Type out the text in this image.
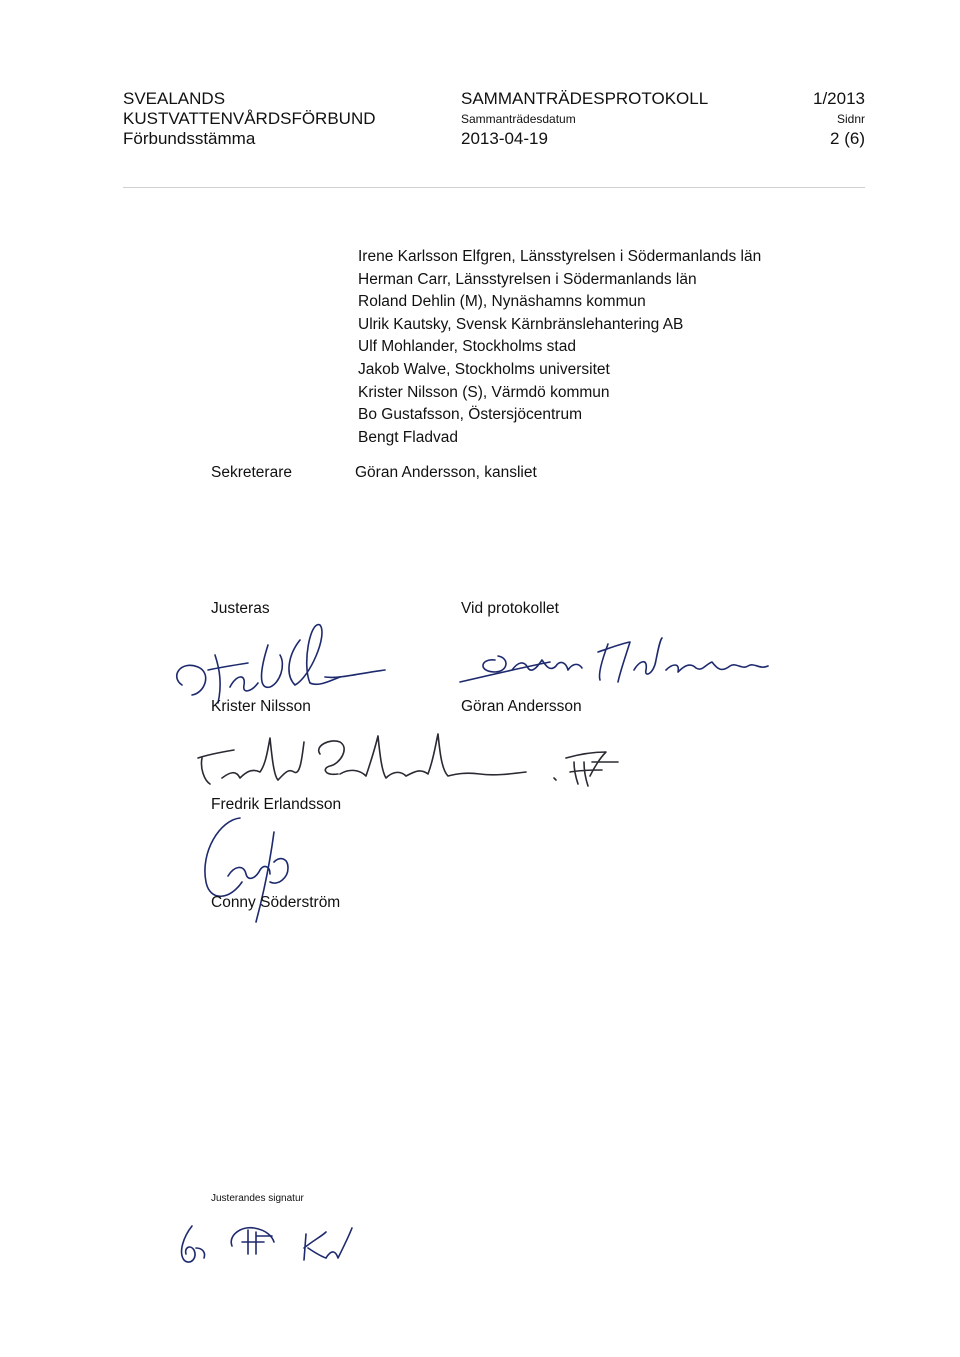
SVEALANDS
KUSTVATTENVÅRDSFÖRBUND
Förbundsstämma
SAMMANTRÄDESPROTOKOLL
Sammanträdesdatum
2013-04-19
1/2013
Sidnr
2 (6)
Irene Karlsson Elfgren, Länsstyrelsen i Södermanlands län
Herman Carr, Länsstyrelsen i Södermanlands län
Roland Dehlin (M), Nynäshamns kommun
Ulrik Kautsky, Svensk Kärnbränslehantering AB
Ulf Mohlander, Stockholms stad
Jakob Walve, Stockholms universitet
Krister Nilsson (S), Värmdö kommun
Bo Gustafsson, Östersjöcentrum
Bengt Fladvad
Sekreterare	Göran Andersson, kansliet
Justeras	Vid protokollet
Krister Nilsson	Göran Andersson
Fredrik Erlandsson
Conny Söderström
Justerandes signatur
